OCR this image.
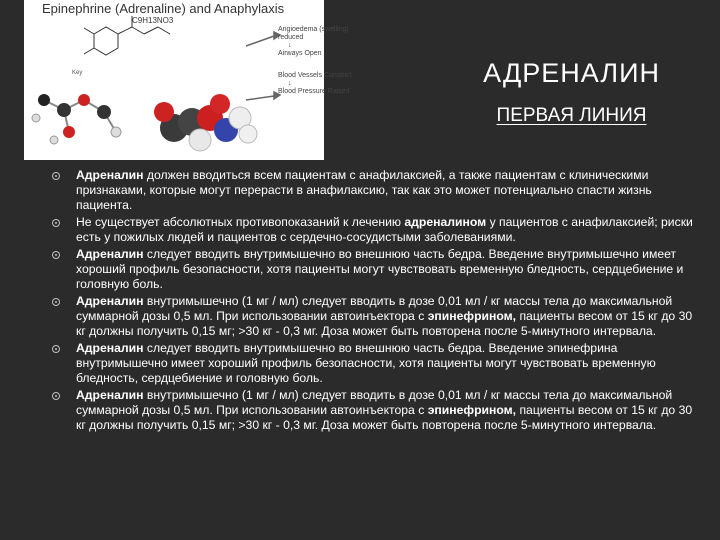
Epinephrine (Adrenaline) and Anaphylaxis
C9H13NO3
Key
Angioedema (swelling) reduced
↓
Airways Open
Blood Vessels Constrict
↓
Blood Pressure Raised
АДРЕНАЛИН
ПЕРВАЯ ЛИНИЯ
Адреналин должен вводиться всем пациентам с анафилаксией, а также пациентам с клиническими признаками, которые могут перерасти в анафилаксию, так как это может потенциально спасти жизнь пациента.
Не существует абсолютных противопоказаний к лечению адреналином у пациентов с анафилаксией; риски есть у пожилых людей и пациентов с сердечно-сосудистыми заболеваниями.
Адреналин следует вводить внутримышечно во внешнюю часть бедра. Введение внутримышечно имеет хороший профиль безопасности, хотя пациенты могут чувствовать временную бледность, сердцебиение и головную боль.
Адреналин внутримышечно (1 мг / мл) следует вводить в дозе 0,01 мл / кг массы тела до максимальной суммарной дозы 0,5 мл. При использовании автоинъектора с эпинефрином, пациенты весом от 15 кг до 30 кг должны получить 0,15 мг; >30 кг - 0,3 мг. Доза может быть повторена после 5-минутного интервала.
Адреналин следует вводить внутримышечно во внешнюю часть бедра. Введение эпинефрина внутримышечно имеет хороший профиль безопасности, хотя пациенты могут чувствовать временную бледность, сердцебиение и головную боль.
Адреналин внутримышечно (1 мг / мл) следует вводить в дозе 0,01 мл / кг массы тела до максимальной суммарной дозы 0,5 мл. При использовании автоинъектора с эпинефрином, пациенты весом от 15 кг до 30 кг должны получить 0,15 мг; >30 кг - 0,3 мг. Доза может быть повторена после 5-минутного интервала.
